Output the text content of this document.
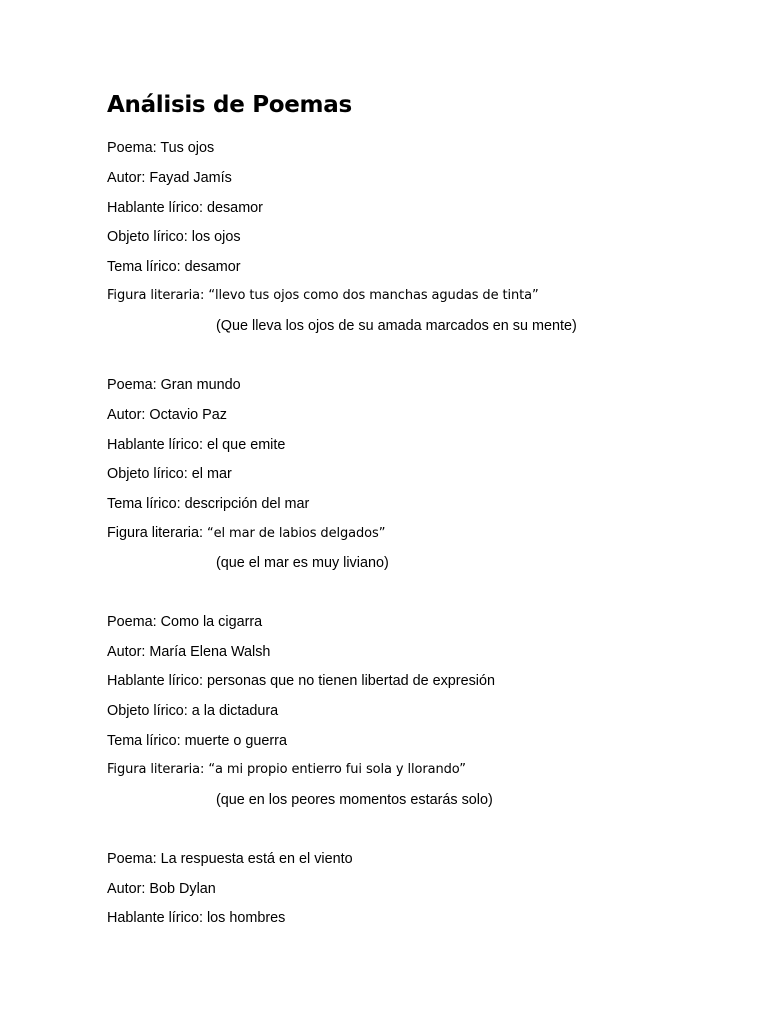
Análisis de Poemas
Poema: Tus ojos
Autor: Fayad Jamís
Hablante lírico: desamor
Objeto lírico: los ojos
Tema lírico: desamor
Figura literaria: “llevo tus ojos como dos manchas agudas de tinta”
(Que lleva los ojos de su amada marcados en su mente)
Poema: Gran mundo
Autor: Octavio Paz
Hablante lírico: el que emite
Objeto lírico: el mar
Tema lírico: descripción del mar
Figura literaria: “el mar de labios delgados”
(que el mar es muy liviano)
Poema: Como la cigarra
Autor: María Elena Walsh
Hablante lírico: personas que no tienen libertad de expresión
Objeto lírico: a la dictadura
Tema lírico: muerte o guerra
Figura literaria: “a mi propio entierro fui sola y llorando”
(que en los peores momentos estarás solo)
Poema: La respuesta está en el viento
Autor: Bob Dylan
Hablante lírico: los hombres
